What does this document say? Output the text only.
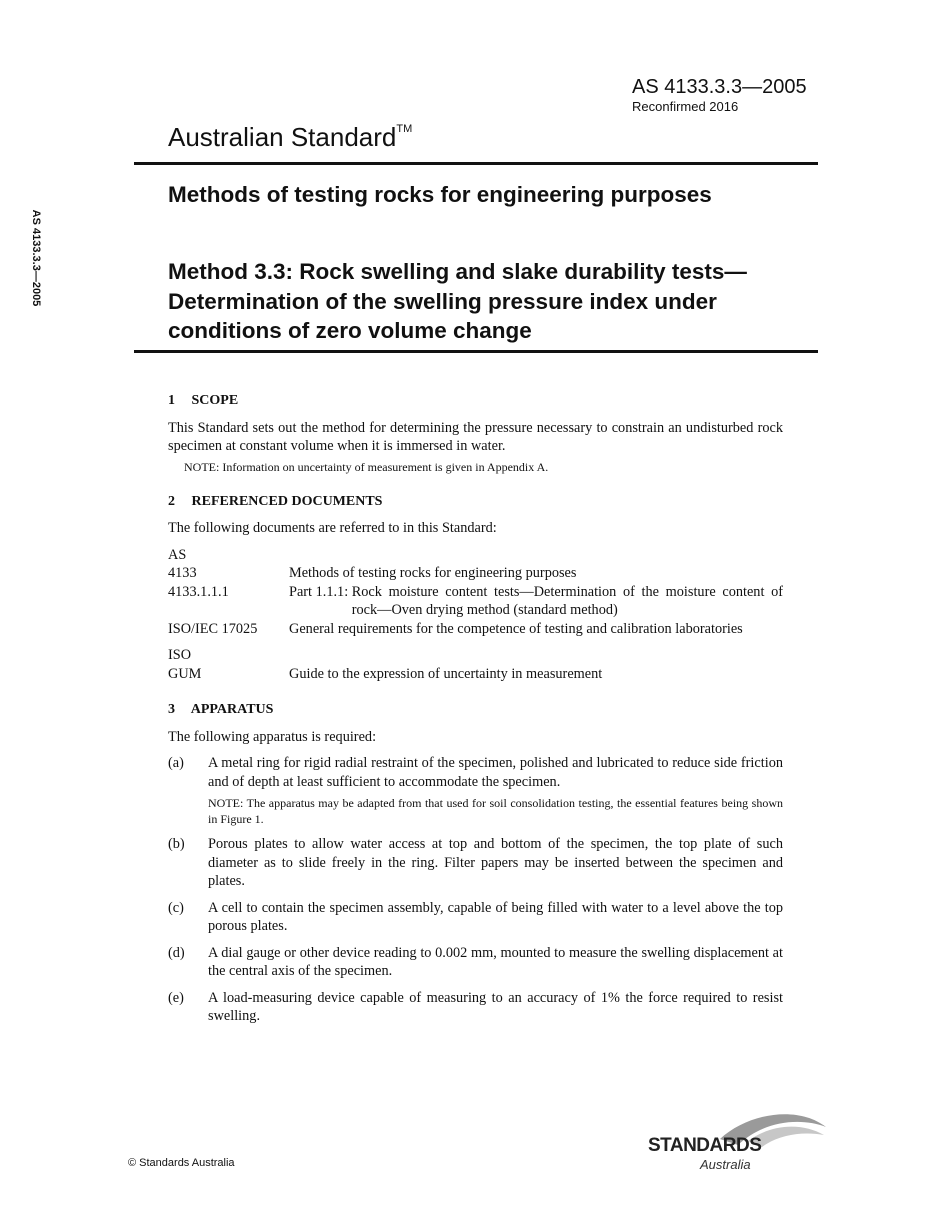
AS 4133.3.3—2005
Reconfirmed 2016
Australian Standard™
AS 4133.3.3—2005
Methods of testing rocks for engineering purposes
Method 3.3: Rock swelling and slake durability tests—Determination of the swelling pressure index under conditions of zero volume change
1 SCOPE

This Standard sets out the method for determining the pressure necessary to constrain an undisturbed rock specimen at constant volume when it is immersed in water.

NOTE: Information on uncertainty of measurement is given in Appendix A.
2 REFERENCED DOCUMENTS

The following documents are referred to in this Standard:

AS
4133	Methods of testing rocks for engineering purposes
4133.1.1.1	Part 1.1.1:
Rock moisture content tests—Determination of the moisture content of rock—Oven drying method (standard method)
ISO/IEC 17025	General requirements for the competence of testing and calibration laboratories
ISO
GUM	Guide to the expression of uncertainty in measurement
3 APPARATUS

The following apparatus is required:

(a)	A metal ring for rigid radial restraint of the specimen, polished and lubricated to reduce side friction and of depth at least sufficient to accommodate the specimen.

NOTE: The apparatus may be adapted from that used for soil consolidation testing, the essential features being shown in Figure 1.
(b)	Porous plates to allow water access at top and bottom of the specimen, the top plate of such diameter as to slide freely in the ring. Filter papers may be inserted between the specimen and plates.

(c)	A cell to contain the specimen assembly, capable of being filled with water to a level above the top porous plates.

(d)	A dial gauge or other device reading to 0.002 mm, mounted to measure the swelling displacement at the central axis of the specimen.

(e)	A load-measuring device capable of measuring to an accuracy of 1% the force required to resist swelling.

© Standards Australia
STANDARDS
Australia
